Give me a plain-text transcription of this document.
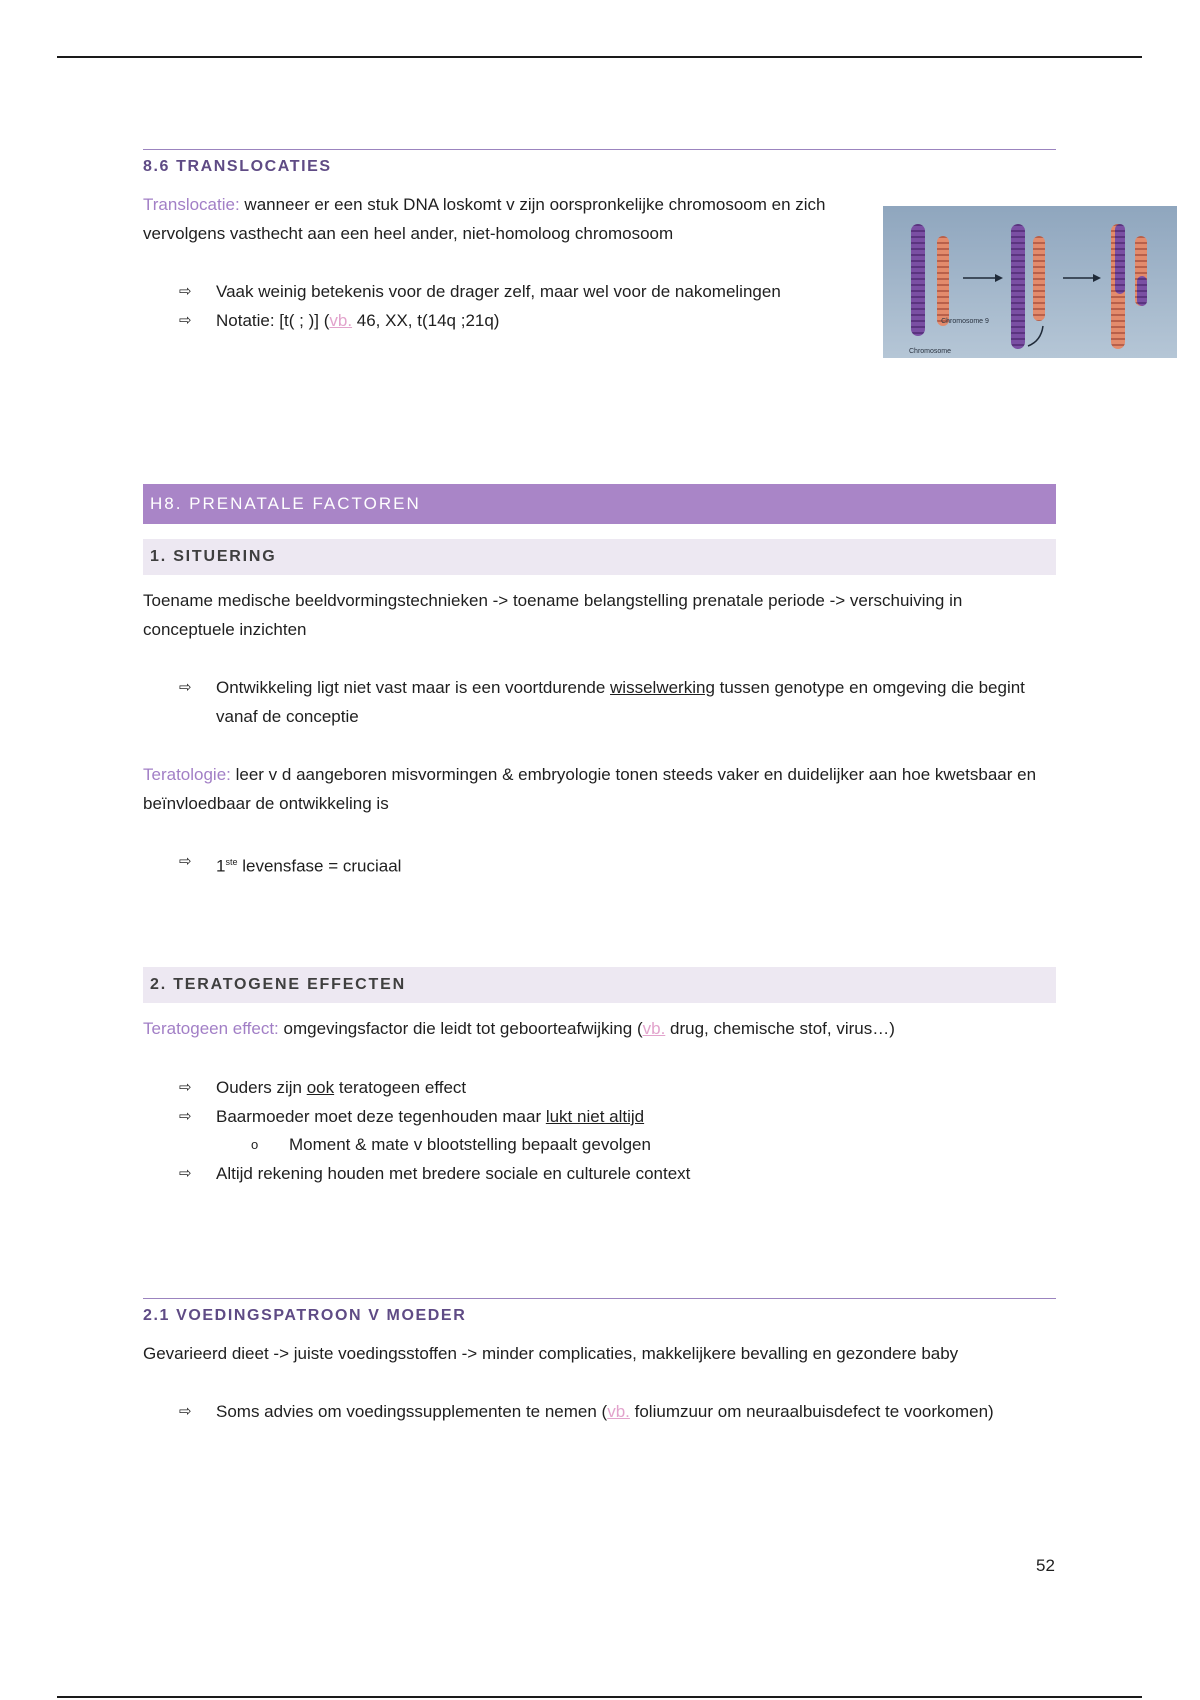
8.6 TRANSLOCATIES

Translocatie: wanneer er een stuk DNA loskomt v zijn oorspronkelijke chromosoom en zich vervolgens vasthecht aan een heel ander, niet-homoloog chromosoom

⇨ Vaak weinig betekenis voor de drager zelf, maar wel voor de nakomelingen
⇨ Notatie: [t( ; )] (vb. 46, XX, t(14q ;21q)
H8. PRENATALE FACTOREN
1. SITUERING

Toename medische beeldvormingstechnieken -> toename belangstelling prenatale periode -> verschuiving in conceptuele inzichten

⇨ Ontwikkeling ligt niet vast maar is een voortdurende wisselwerking tussen genotype en omgeving die begint vanaf de conceptie

Teratologie: leer v d aangeboren misvormingen & embryologie tonen steeds vaker en duidelijker aan hoe kwetsbaar en beïnvloedbaar de ontwikkeling is

⇨ 1ste levensfase = cruciaal
2. TERATOGENE EFFECTEN

Teratogeen effect: omgevingsfactor die leidt tot geboorteafwijking (vb. drug, chemische stof, virus…)

⇨ Ouders zijn ook teratogeen effect
⇨ Baarmoeder moet deze tegenhouden maar lukt niet altijd
o Moment & mate v blootstelling bepaalt gevolgen
⇨ Altijd rekening houden met bredere sociale en culturele context
2.1 VOEDINGSPATROON V MOEDER

Gevarieerd dieet -> juiste voedingsstoffen -> minder complicaties, makkelijkere bevalling en gezondere baby

⇨ Soms advies om voedingssupplementen te nemen (vb. foliumzuur om neuraalbuisdefect te voorkomen)
Chromosome 9
Chromosome
52
